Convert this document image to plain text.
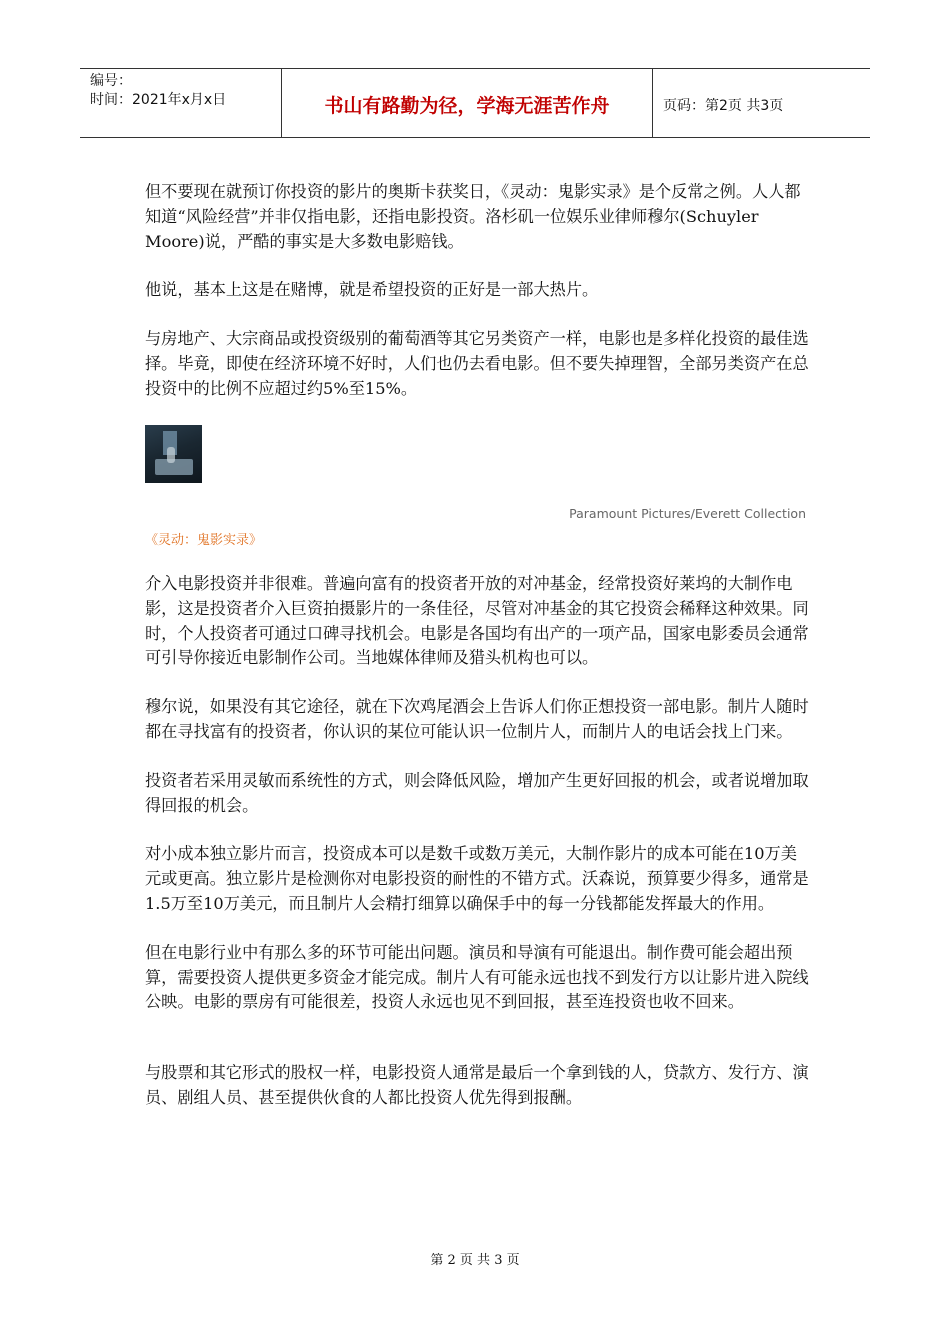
编号：
时间：2021年x月x日	书山有路勤为径，学海无涯苦作舟	页码：第2页 共3页

但不要现在就预订你投资的影片的奥斯卡获奖日，《灵动：鬼影实录》是个反常之例。人人都知道“风险经营”并非仅指电影，还指电影投资。洛杉矶一位娱乐业律师穆尔(Schuyler Moore)说，严酷的事实是大多数电影赔钱。

他说，基本上这是在赌博，就是希望投资的正好是一部大热片。

与房地产、大宗商品或投资级别的葡萄酒等其它另类资产一样，电影也是多样化投资的最佳选择。毕竟，即使在经济环境不好时，人们也仍去看电影。但不要失掉理智，全部另类资产在总投资中的比例不应超过约5%至15%。

Paramount Pictures/Everett Collection
《灵动：鬼影实录》

介入电影投资并非很难。普遍向富有的投资者开放的对冲基金，经常投资好莱坞的大制作电影，这是投资者介入巨资拍摄影片的一条佳径，尽管对冲基金的其它投资会稀释这种效果。同时，个人投资者可通过口碑寻找机会。电影是各国均有出产的一项产品，国家电影委员会通常可引导你接近电影制作公司。当地媒体律师及猎头机构也可以。

穆尔说，如果没有其它途径，就在下次鸡尾酒会上告诉人们你正想投资一部电影。制片人随时都在寻找富有的投资者，你认识的某位可能认识一位制片人，而制片人的电话会找上门来。

投资者若采用灵敏而系统性的方式，则会降低风险，增加产生更好回报的机会，或者说增加取得回报的机会。

对小成本独立影片而言，投资成本可以是数千或数万美元，大制作影片的成本可能在10万美元或更高。独立影片是检测你对电影投资的耐性的不错方式。沃森说，预算要少得多，通常是1.5万至10万美元，而且制片人会精打细算以确保手中的每一分钱都能发挥最大的作用。

但在电影行业中有那么多的环节可能出问题。演员和导演有可能退出。制作费可能会超出预算，需要投资人提供更多资金才能完成。制片人有可能永远也找不到发行方以让影片进入院线公映。电影的票房有可能很差，投资人永远也见不到回报，甚至连投资也收不回来。

与股票和其它形式的股权一样，电影投资人通常是最后一个拿到钱的人，贷款方、发行方、演员、剧组人员、甚至提供伙食的人都比投资人优先得到报酬。

第 2 页 共 3 页
